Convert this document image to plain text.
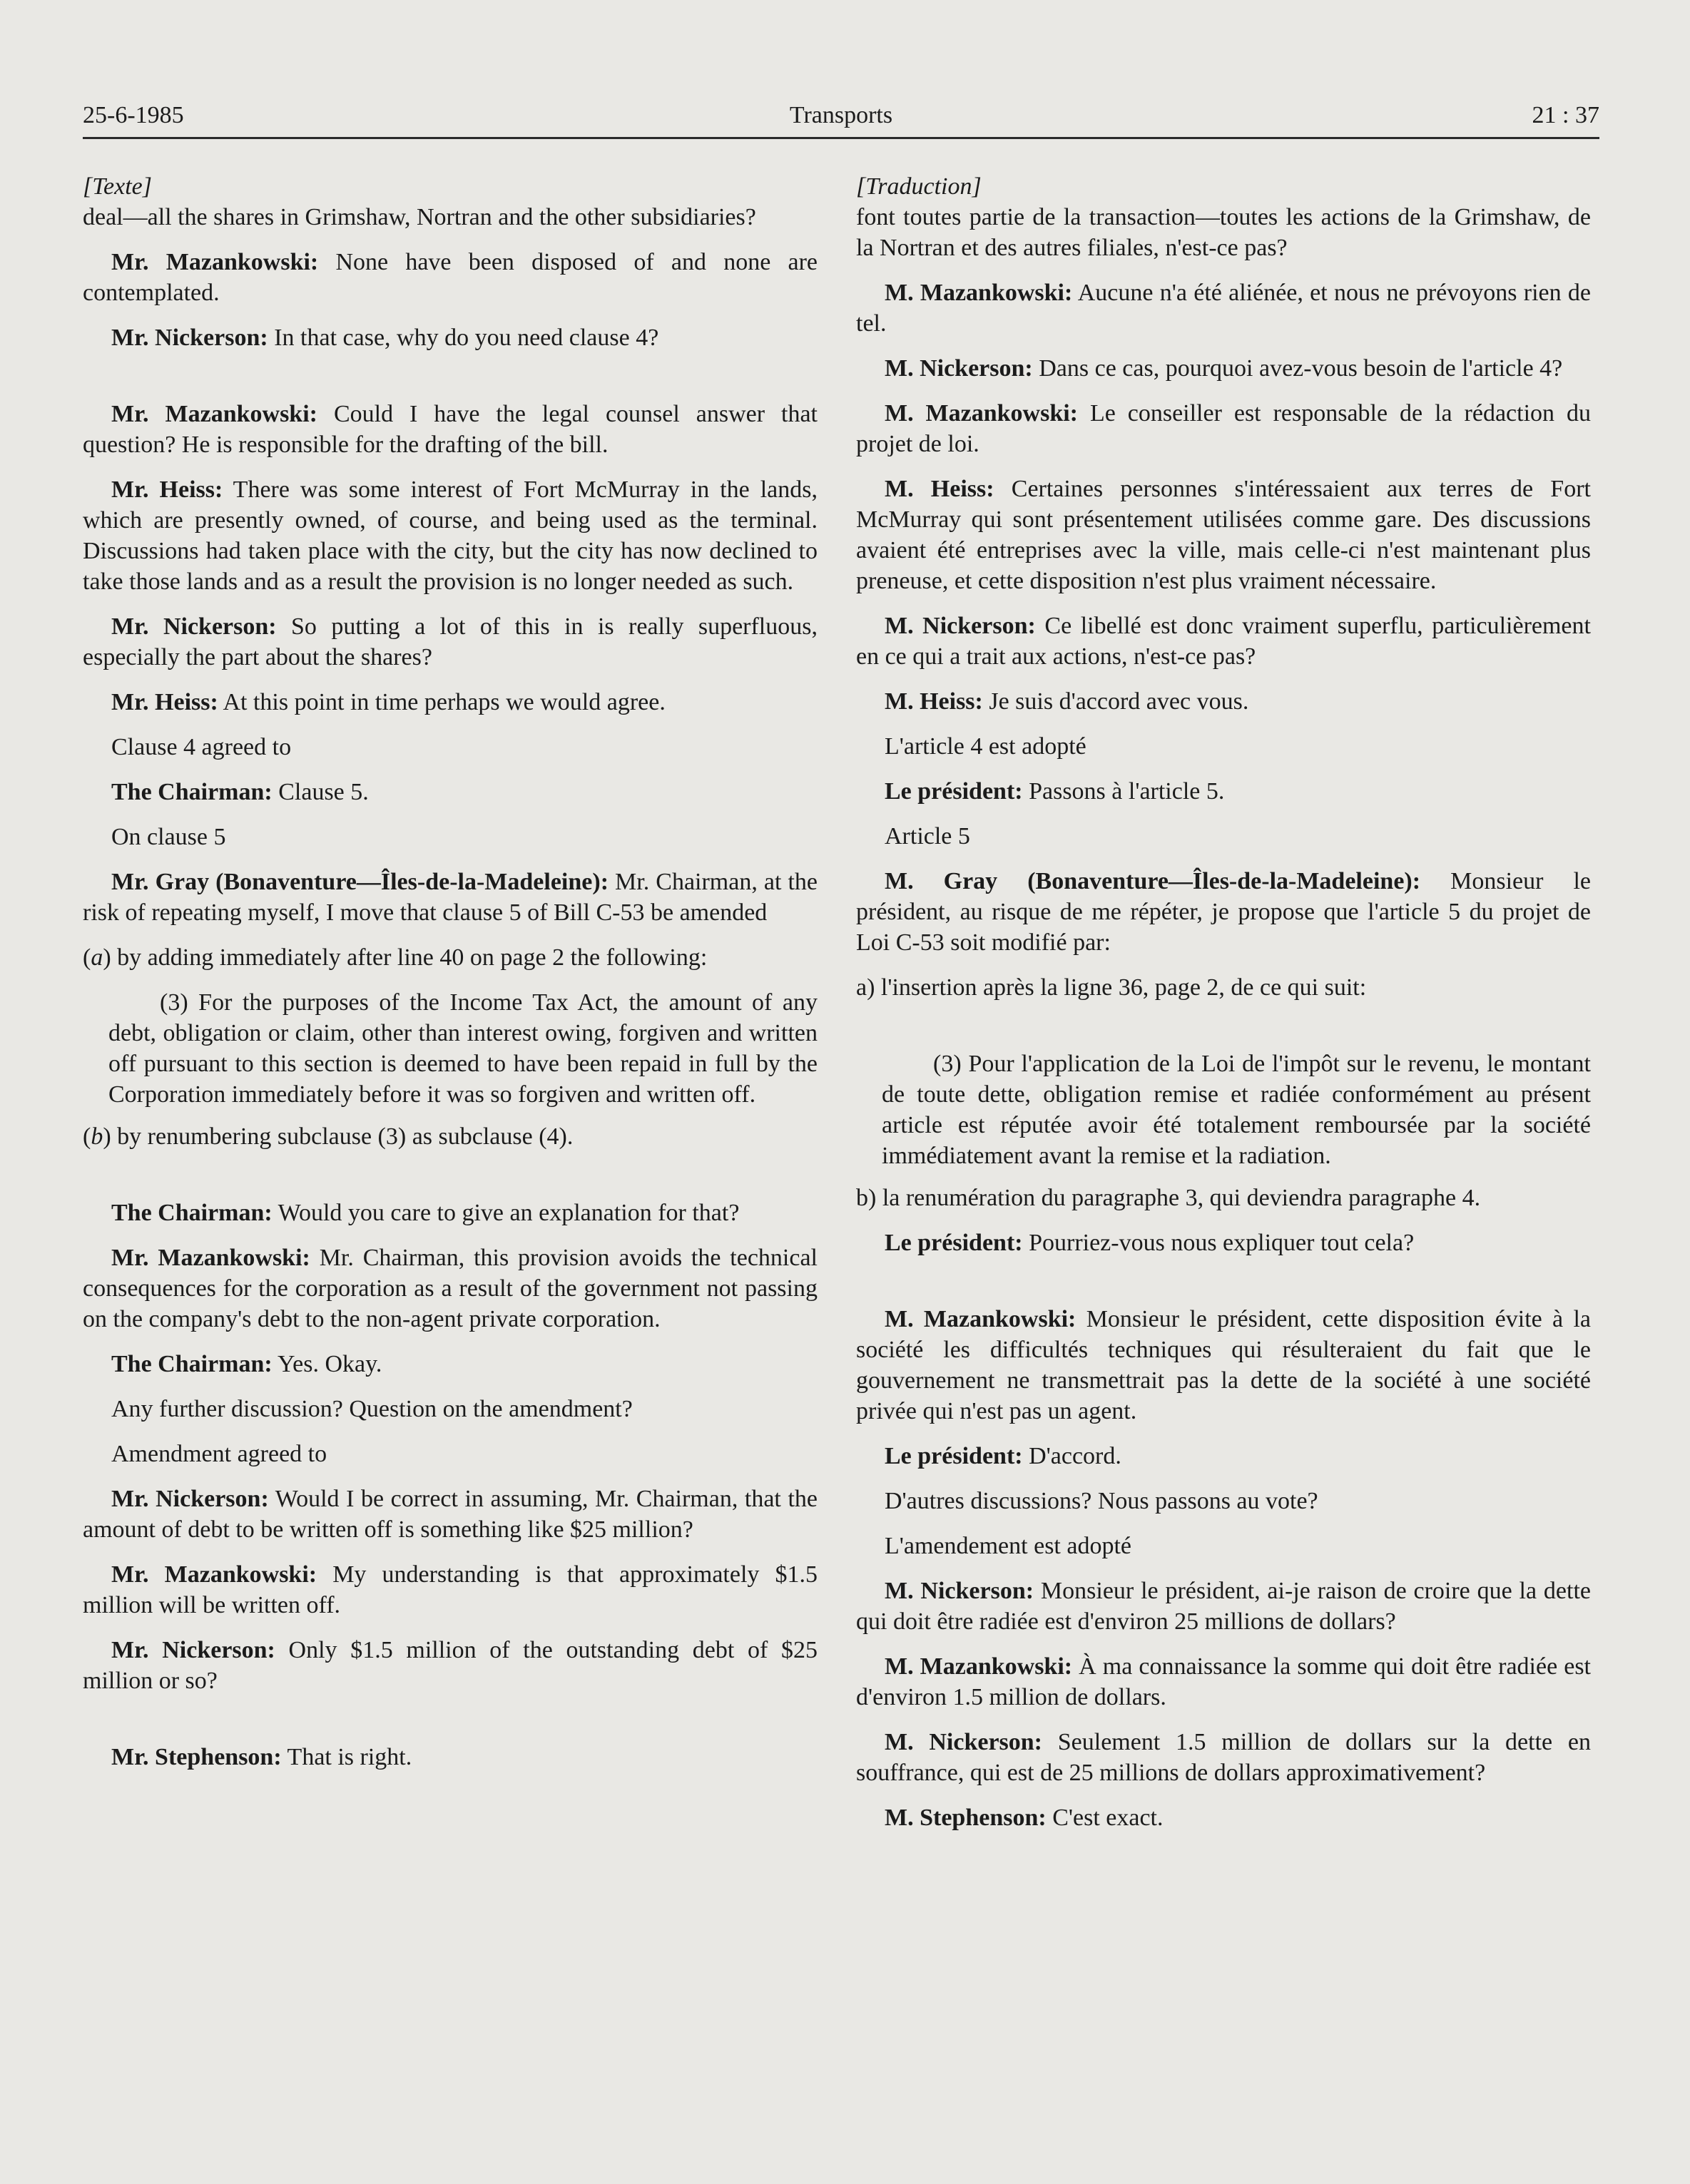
25-6-1985	Transports	21 : 37

[Texte]

deal—all the shares in Grimshaw, Nortran and the other subsidiaries?

Mr. Mazankowski: None have been disposed of and none are contemplated.

Mr. Nickerson: In that case, why do you need clause 4?

Mr. Mazankowski: Could I have the legal counsel answer that question? He is responsible for the drafting of the bill.

Mr. Heiss: There was some interest of Fort McMurray in the lands, which are presently owned, of course, and being used as the terminal. Discussions had taken place with the city, but the city has now declined to take those lands and as a result the provision is no longer needed as such.

Mr. Nickerson: So putting a lot of this in is really superfluous, especially the part about the shares?

Mr. Heiss: At this point in time perhaps we would agree.

Clause 4 agreed to

The Chairman: Clause 5.

On clause 5

Mr. Gray (Bonaventure—Îles-de-la-Madeleine): Mr. Chairman, at the risk of repeating myself, I move that clause 5 of Bill C-53 be amended

(a) by adding immediately after line 40 on page 2 the following:

(3) For the purposes of the Income Tax Act, the amount of any debt, obligation or claim, other than interest owing, forgiven and written off pursuant to this section is deemed to have been repaid in full by the Corporation immediately before it was so forgiven and written off.

(b) by renumbering subclause (3) as subclause (4).

The Chairman: Would you care to give an explanation for that?

Mr. Mazankowski: Mr. Chairman, this provision avoids the technical consequences for the corporation as a result of the government not passing on the company's debt to the non-agent private corporation.

The Chairman: Yes. Okay.

Any further discussion? Question on the amendment?

Amendment agreed to

Mr. Nickerson: Would I be correct in assuming, Mr. Chairman, that the amount of debt to be written off is something like $25 million?

Mr. Mazankowski: My understanding is that approximately $1.5 million will be written off.

Mr. Nickerson: Only $1.5 million of the outstanding debt of $25 million or so?

Mr. Stephenson: That is right.

[Traduction]

font toutes partie de la transaction—toutes les actions de la Grimshaw, de la Nortran et des autres filiales, n'est-ce pas?

M. Mazankowski: Aucune n'a été aliénée, et nous ne prévoyons rien de tel.

M. Nickerson: Dans ce cas, pourquoi avez-vous besoin de l'article 4?

M. Mazankowski: Le conseiller est responsable de la rédaction du projet de loi.

M. Heiss: Certaines personnes s'intéressaient aux terres de Fort McMurray qui sont présentement utilisées comme gare. Des discussions avaient été entreprises avec la ville, mais celle-ci n'est maintenant plus preneuse, et cette disposition n'est plus vraiment nécessaire.

M. Nickerson: Ce libellé est donc vraiment superflu, particulièrement en ce qui a trait aux actions, n'est-ce pas?

M. Heiss: Je suis d'accord avec vous.

L'article 4 est adopté

Le président: Passons à l'article 5.

Article 5

M. Gray (Bonaventure—Îles-de-la-Madeleine): Monsieur le président, au risque de me répéter, je propose que l'article 5 du projet de Loi C-53 soit modifié par:

a) l'insertion après la ligne 36, page 2, de ce qui suit:

(3) Pour l'application de la Loi de l'impôt sur le revenu, le montant de toute dette, obligation remise et radiée conformément au présent article est réputée avoir été totalement remboursée par la société immédiatement avant la remise et la radiation.

b) la renumération du paragraphe 3, qui deviendra paragraphe 4.

Le président: Pourriez-vous nous expliquer tout cela?

M. Mazankowski: Monsieur le président, cette disposition évite à la société les difficultés techniques qui résulteraient du fait que le gouvernement ne transmettrait pas la dette de la société à une société privée qui n'est pas un agent.

Le président: D'accord.

D'autres discussions? Nous passons au vote?

L'amendement est adopté

M. Nickerson: Monsieur le président, ai-je raison de croire que la dette qui doit être radiée est d'environ 25 millions de dollars?

M. Mazankowski: À ma connaissance la somme qui doit être radiée est d'environ 1.5 million de dollars.

M. Nickerson: Seulement 1.5 million de dollars sur la dette en souffrance, qui est de 25 millions de dollars approximativement?

M. Stephenson: C'est exact.
